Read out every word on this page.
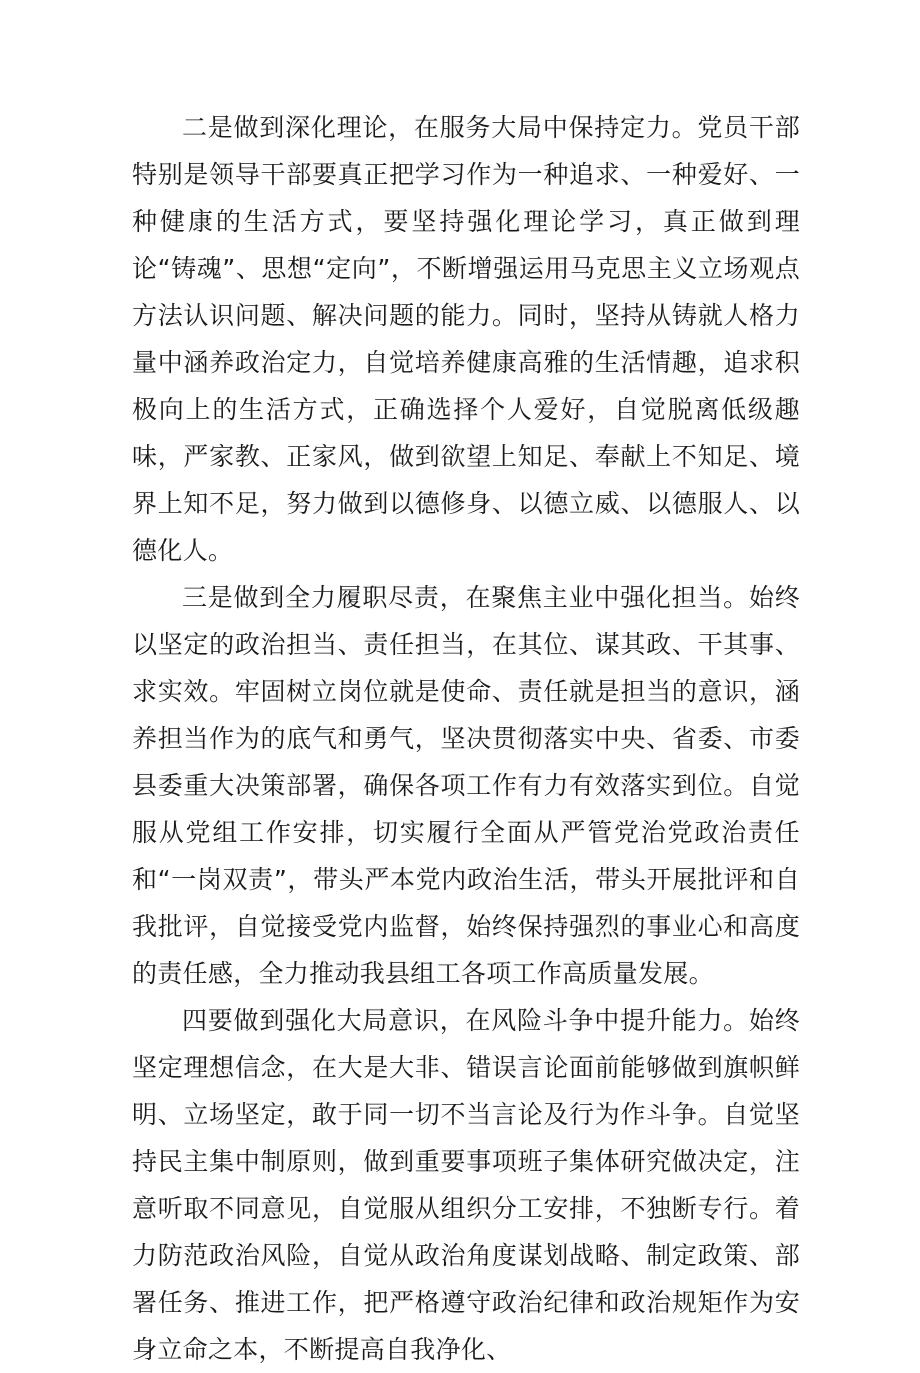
二是做到深化理论，在服务大局中保持定力。党员干部特别是领导干部要真正把学习作为一种追求、一种爱好、一种健康的生活方式，要坚持强化理论学习，真正做到理论“铸魂”、思想“定向”，不断增强运用马克思主义立场观点方法认识问题、解决问题的能力。同时，坚持从铸就人格力量中涵养政治定力，自觉培养健康高雅的生活情趣，追求积极向上的生活方式，正确选择个人爱好，自觉脱离低级趣味，严家教、正家风，做到欲望上知足、奉献上不知足、境界上知不足，努力做到以德修身、以德立威、以德服人、以德化人。

三是做到全力履职尽责，在聚焦主业中强化担当。始终以坚定的政治担当、责任担当，在其位、谋其政、干其事、求实效。牢固树立岗位就是使命、责任就是担当的意识，涵养担当作为的底气和勇气，坚决贯彻落实中央、省委、市委县委重大决策部署，确保各项工作有力有效落实到位。自觉服从党组工作安排，切实履行全面从严管党治党政治责任和“一岗双责”，带头严本党内政治生活，带头开展批评和自我批评，自觉接受党内监督，始终保持强烈的事业心和高度的责任感，全力推动我县组工各项工作高质量发展。

四要做到强化大局意识，在风险斗争中提升能力。始终坚定理想信念，在大是大非、错误言论面前能够做到旗帜鲜明、立场坚定，敢于同一切不当言论及行为作斗争。自觉坚持民主集中制原则，做到重要事项班子集体研究做决定，注意听取不同意见，自觉服从组织分工安排，不独断专行。着力防范政治风险，自觉从政治角度谋划战略、制定政策、部署任务、推进工作，把严格遵守政治纪律和政治规矩作为安身立命之本，不断提高自我净化、
